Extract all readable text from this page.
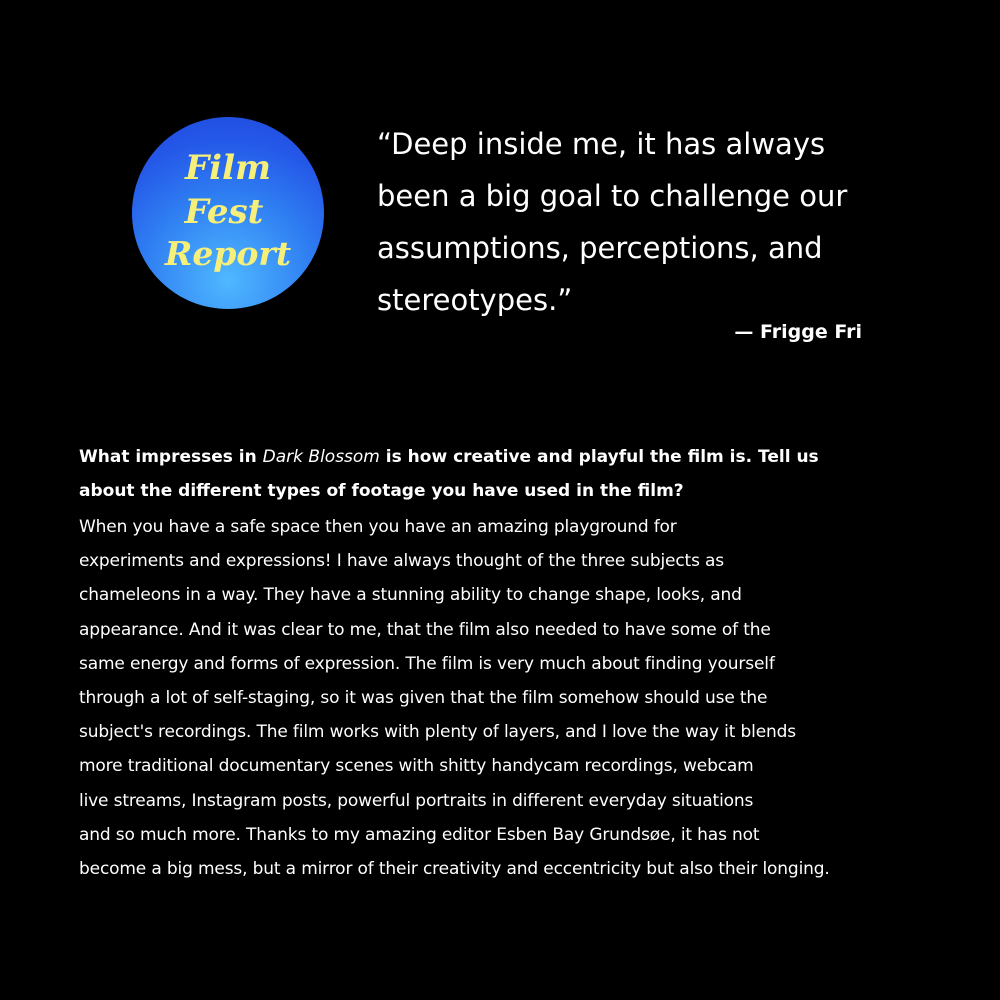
Film
Fest
Report
“Deep inside me, it has always
been a big goal to challenge our
assumptions, perceptions, and
stereotypes.”
— Frigge Fri

What impresses in Dark Blossom is how creative and playful the film is. Tell us
about the different types of footage you have used in the film?

When you have a safe space then you have an amazing playground for
experiments and expressions! I have always thought of the three subjects as
chameleons in a way. They have a stunning ability to change shape, looks, and
appearance. And it was clear to me, that the film also needed to have some of the
same energy and forms of expression. The film is very much about finding yourself
through a lot of self-staging, so it was given that the film somehow should use the
subject's recordings. The film works with plenty of layers, and I love the way it blends
more traditional documentary scenes with shitty handycam recordings, webcam
live streams, Instagram posts, powerful portraits in different everyday situations
and so much more. Thanks to my amazing editor Esben Bay Grundsøe, it has not
become a big mess, but a mirror of their creativity and eccentricity but also their longing.
